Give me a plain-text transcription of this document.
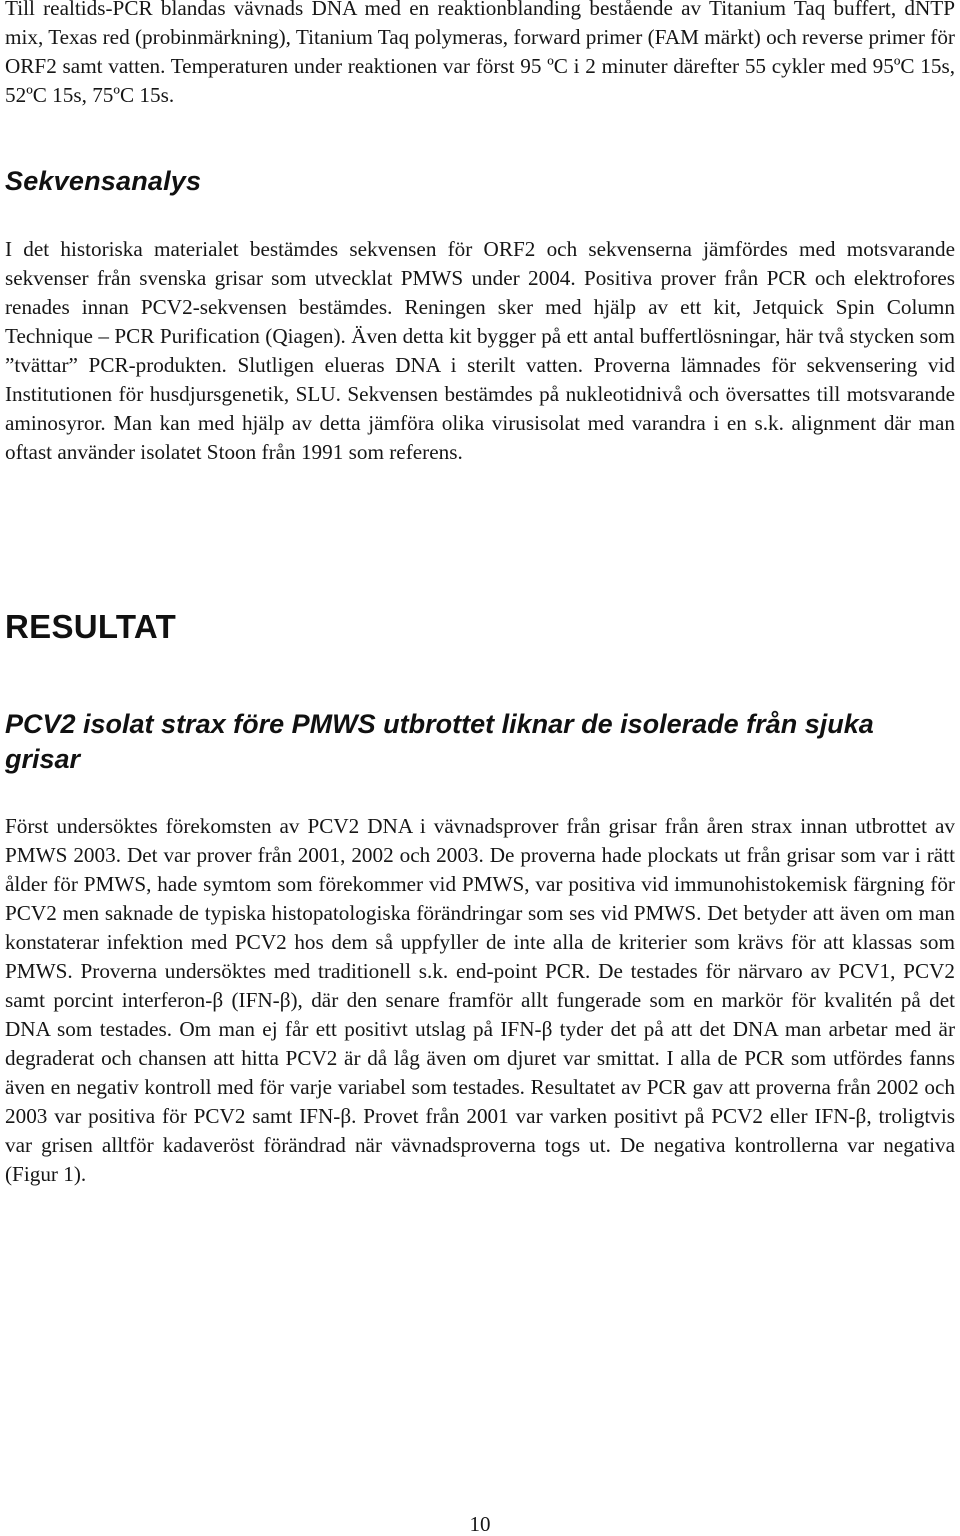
Till realtids-PCR blandas vävnads DNA med en reaktionblanding bestående av Titanium Taq buffert, dNTP mix, Texas red (probinmärkning), Titanium Taq polymeras, forward primer (FAM märkt) och reverse primer för ORF2 samt vatten. Temperaturen under reaktionen var först 95 ºC i 2 minuter därefter 55 cykler med 95ºC 15s, 52ºC 15s, 75ºC 15s.

Sekvensanalys

I det historiska materialet bestämdes sekvensen för ORF2 och sekvenserna jämfördes med motsvarande sekvenser från svenska grisar som utvecklat PMWS under 2004. Positiva prover från PCR och elektrofores renades innan PCV2-sekvensen bestämdes. Reningen sker med hjälp av ett kit, Jetquick Spin Column Technique – PCR Purification (Qiagen). Även detta kit bygger på ett antal buffertlösningar, här två stycken som ”tvättar” PCR-produkten. Slutligen elueras DNA i sterilt vatten. Proverna lämnades för sekvensering vid Institutionen för husdjursgenetik, SLU. Sekvensen bestämdes på nukleotidnivå och översattes till motsvarande aminosyror. Man kan med hjälp av detta jämföra olika virusisolat med varandra i en s.k. alignment där man oftast använder isolatet Stoon från 1991 som referens.

RESULTAT
PCV2 isolat strax före PMWS utbrottet liknar de isolerade från sjuka grisar

Först undersöktes förekomsten av PCV2 DNA i vävnadsprover från grisar från åren strax innan utbrottet av PMWS 2003. Det var prover från 2001, 2002 och 2003. De proverna hade plockats ut från grisar som var i rätt ålder för PMWS, hade symtom som förekommer vid PMWS, var positiva vid immunohistokemisk färgning för PCV2 men saknade de typiska histopatologiska förändringar som ses vid PMWS. Det betyder att även om man konstaterar infektion med PCV2 hos dem så uppfyller de inte alla de kriterier som krävs för att klassas som PMWS. Proverna undersöktes med traditionell s.k. end-point PCR. De testades för närvaro av PCV1, PCV2 samt porcint interferon-β (IFN-β), där den senare framför allt fungerade som en markör för kvalitén på det DNA som testades. Om man ej får ett positivt utslag på IFN-β tyder det på att det DNA man arbetar med är degraderat och chansen att hitta PCV2 är då låg även om djuret var smittat. I alla de PCR som utfördes fanns även en negativ kontroll med för varje variabel som testades. Resultatet av PCR gav att proverna från 2002 och 2003 var positiva för PCV2 samt IFN-β. Provet från 2001 var varken positivt på PCV2 eller IFN-β, troligtvis var grisen alltför kadaveröst förändrad när vävnadsproverna togs ut. De negativa kontrollerna var negativa (Figur 1).

10
